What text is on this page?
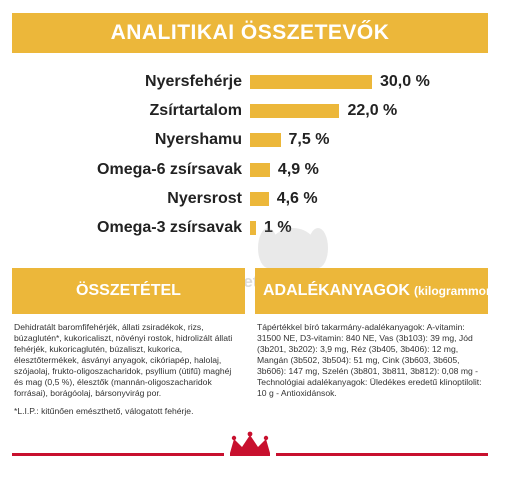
ANALITIKAI ÖSSZETEVŐK
Nyersfehérje	30,0 %
Zsírtartalom	22,0 %
Nyershamu	7,5 %
Omega-6 zsírsavak 4,9 %
Nyersrost 4,6 %
Omega-3 zsírsavak 1 %
ÖSSZETÉTEL	ADALÉKANYAGOK (kilogrammonként)
Dehidratált baromfifehérjék, állati zsiradékok, rizs, búzaglutén*, kukoricaliszt, növényi rostok, hidrolizált állati fehérjék, kukoricaglutén, búzaliszt, kukorica, élesztőtermékek, ásványi anyagok, cikóriapép, halolaj, szójaolaj, frukto-oligoszacharidok, psyllium (útifű) maghéj és mag (0,5 %), élesztők (mannán-oligoszacharidok forrásai), borágóolaj, bársonyvirág por.
*L.I.P.: kitűnően emészthető, válogatott fehérje.
Tápértékkel bíró takarmány-adalékanyagok: A-vitamin: 31500 NE, D3-vitamin: 840 NE, Vas (3b103): 39 mg, Jód (3b201, 3b202): 3,9 mg, Réz (3b405, 3b406): 12 mg, Mangán (3b502, 3b504): 51 mg, Cink (3b603, 3b605, 3b606): 147 mg, Szelén (3b801, 3b811, 3b812): 0,08 mg - Technológiai adalékanyagok: Üledékes eredetű klinoptilolit: 10 g - Antioxidánsok.
